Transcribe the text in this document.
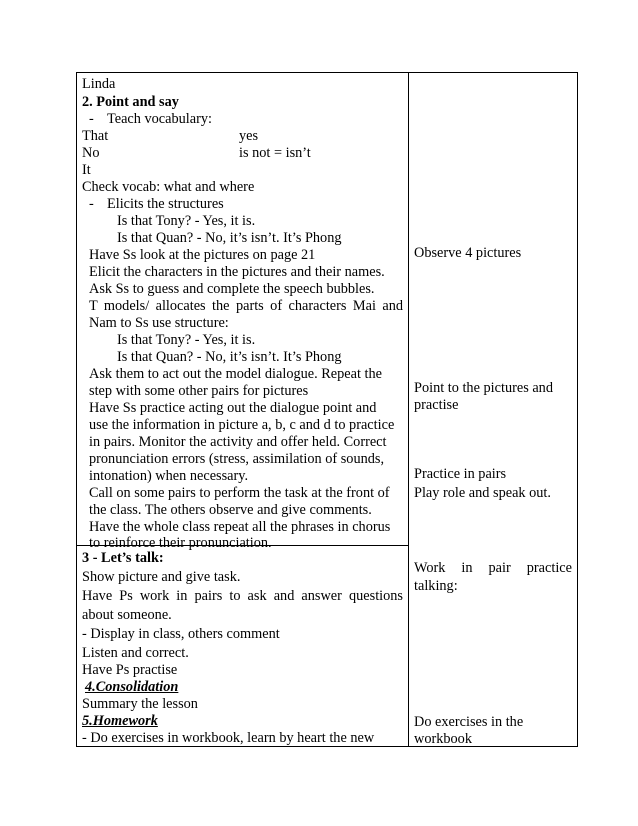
Linda
2. Point and say
- Teach vocabulary:
That	yes
No	is not = isn’t
It
Check vocab: what and where
- Elicits the structures
Is that Tony? - Yes, it is.
Is that Quan? - No, it’s isn’t. It’s Phong
Have Ss look at the pictures on page 21
Elicit the characters in the pictures and their names.
Ask Ss to guess and complete the speech bubbles.
T models/ allocates the parts of characters Mai and
Nam to Ss use structure:
Is that Tony? - Yes, it is.
Is that Quan? - No, it’s isn’t. It’s Phong
Ask them to act out the model dialogue. Repeat the
step with some other pairs for pictures
Have Ss practice acting out the dialogue point and
use the information in picture a, b, c and d to practice
in pairs. Monitor the activity and offer held. Correct
pronunciation errors (stress, assimilation of sounds,
intonation) when necessary.
Call on some pairs to perform the task at the front of
the class. The others observe and give comments.
Have the whole class repeat all the phrases in chorus
to reinforce their pronunciation.
3 - Let’s talk:
Show picture and give task.
Have Ps work in pairs to ask and answer questions
about someone.
- Display in class, others comment
Listen and correct.
Have Ps practise
4.Consolidation
Summary the lesson
5.Homework
- Do exercises in workbook, learn by heart the new
Observe 4 pictures
Point to the pictures and
practise
Practice in pairs
Play role and speak out.
Work in pair practice
talking:
Do exercises in the
workbook
